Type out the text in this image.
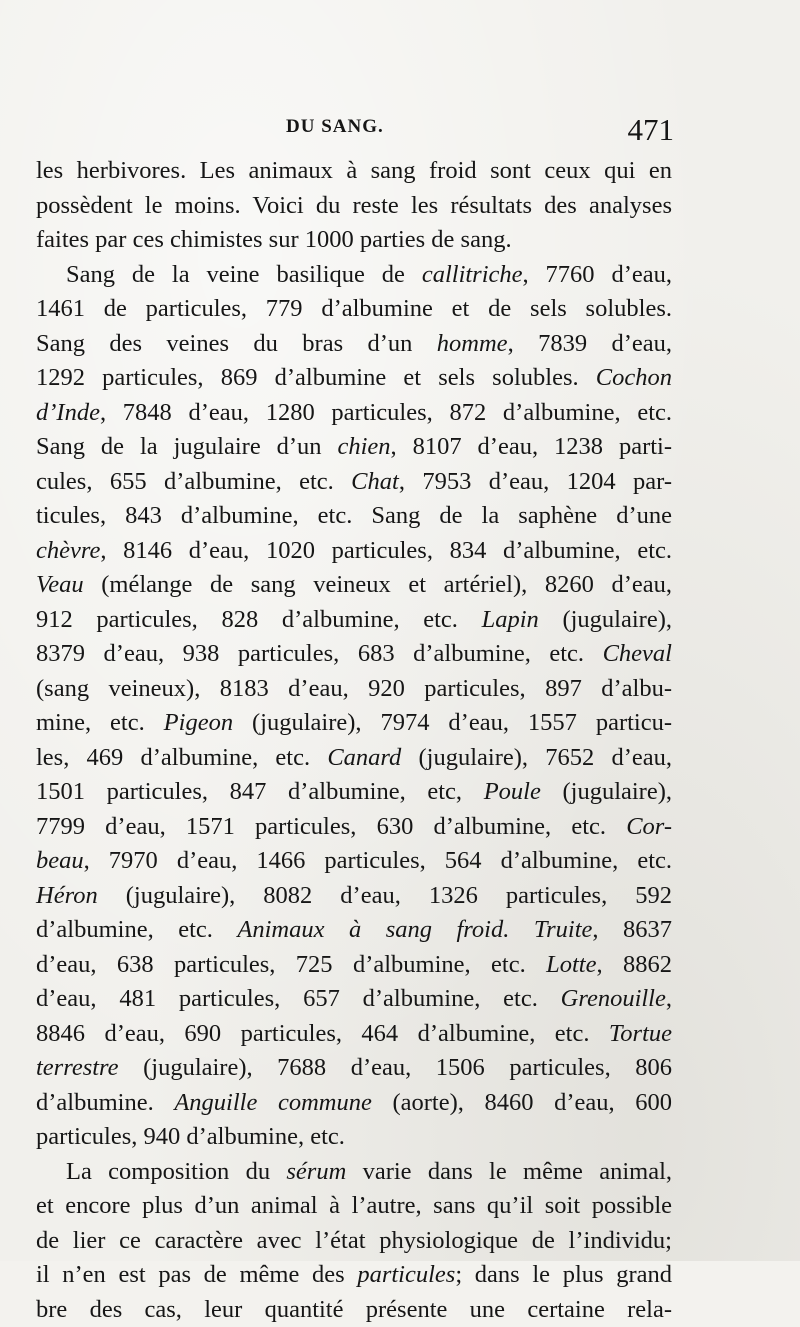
DU SANG.	471
les herbivores. Les animaux à sang froid sont ceux qui en
possèdent le moins. Voici du reste les résultats des analyses
faites par ces chimistes sur 1000 parties de sang.
Sang de la veine basilique de callitriche, 7760 d’eau,
1461 de particules, 779 d’albumine et de sels solubles.
Sang des veines du bras d’un homme, 7839 d’eau,
1292 particules, 869 d’albumine et sels solubles. Cochon
d’Inde, 7848 d’eau, 1280 particules, 872 d’albumine, etc.
Sang de la jugulaire d’un chien, 8107 d’eau, 1238 parti-
cules, 655 d’albumine, etc. Chat, 7953 d’eau, 1204 par-
ticules, 843 d’albumine, etc. Sang de la saphène d’une
chèvre, 8146 d’eau, 1020 particules, 834 d’albumine, etc.
Veau (mélange de sang veineux et artériel), 8260 d’eau,
912 particules, 828 d’albumine, etc. Lapin (jugulaire),
8379 d’eau, 938 particules, 683 d’albumine, etc. Cheval
(sang veineux), 8183 d’eau, 920 particules, 897 d’albu-
mine, etc. Pigeon (jugulaire), 7974 d’eau, 1557 particu-
les, 469 d’albumine, etc. Canard (jugulaire), 7652 d’eau,
1501 particules, 847 d’albumine, etc, Poule (jugulaire),
7799 d’eau, 1571 particules, 630 d’albumine, etc. Cor-
beau, 7970 d’eau, 1466 particules, 564 d’albumine, etc.
Héron (jugulaire), 8082 d’eau, 1326 particules, 592
d’albumine, etc. Animaux à sang froid. Truite, 8637
d’eau, 638 particules, 725 d’albumine, etc. Lotte, 8862
d’eau, 481 particules, 657 d’albumine, etc. Grenouille,
8846 d’eau, 690 particules, 464 d’albumine, etc. Tortue
terrestre (jugulaire), 7688 d’eau, 1506 particules, 806
d’albumine. Anguille commune (aorte), 8460 d’eau, 600
particules, 940 d’albumine, etc.
La composition du sérum varie dans le même animal,
et encore plus d’un animal à l’autre, sans qu’il soit possible
de lier ce caractère avec l’état physiologique de l’individu;
il n’en est pas de même des particules; dans le plus grand
bre des cas, leur quantité présente une certaine rela-
